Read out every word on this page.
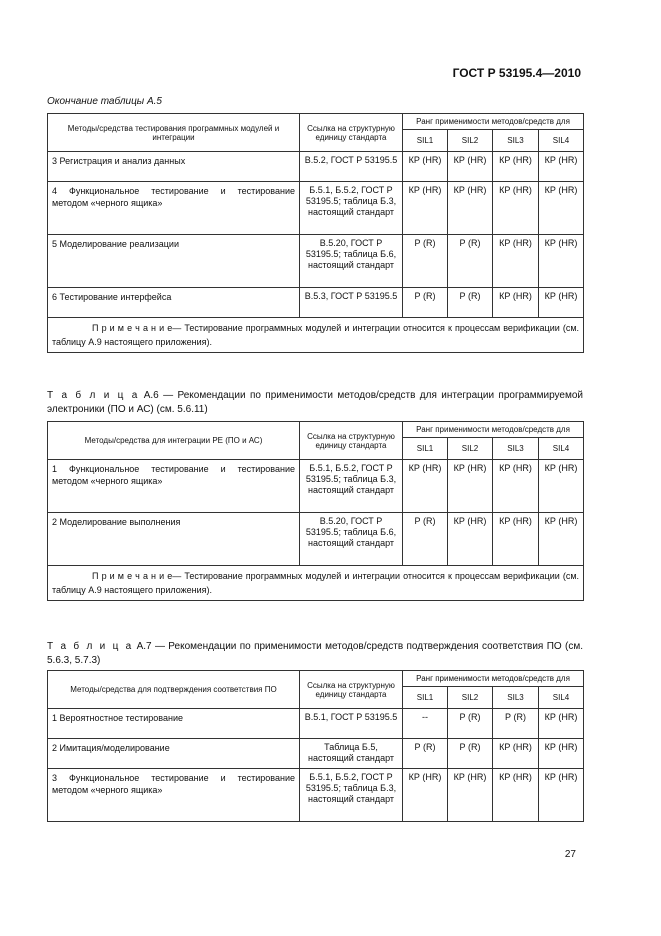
ГОСТ Р 53195.4—2010
Окончание таблицы А.5
Методы/средства тестирования программных модулей и интеграции	Ссылка на структурную единицу стандарта	Ранг применимости методов/средств для			
		SIL1	SIL2	SIL3	SIL4
3 Регистрация и анализ данных	В.5.2, ГОСТ Р 53195.5	КР (HR)	КР (HR)	КР (HR)	КР (HR)
4 Функциональное тестирование и тестирование методом «черного ящика»	Б.5.1, Б.5.2, ГОСТ Р 53195.5; таблица Б.3, настоящий стандарт	КР (HR)	КР (HR)	КР (HR)	КР (HR)
5 Моделирование реализации	В.5.20, ГОСТ Р 53195.5; таблица Б.6, настоящий стандарт	Р (R)	Р (R)	КР (HR)	КР (HR)
6 Тестирование интерфейса	В.5.3, ГОСТ Р 53195.5	Р (R)	Р (R)	КР (HR)	КР (HR)
П р и м е ч а н и е— Тестирование программных модулей и интеграции относится к процессам верификации (см. таблицу А.9 настоящего приложения).					
Т а б л и ц а А.6 — Рекомендации по применимости методов/средств для интеграции программируемой электроники (ПО и АС) (см. 5.6.11)
Методы/средства для интеграции РЕ (ПО и АС)	Ссылка на структурную единицу стандарта	Ранг применимости методов/средств для			
		SIL1	SIL2	SIL3	SIL4
1 Функциональное тестирование и тестирование методом «черного ящика»	Б.5.1, Б.5.2, ГОСТ Р 53195.5; таблица Б.3, настоящий стандарт	КР (HR)	КР (HR)	КР (HR)	КР (HR)
2 Моделирование выполнения	В.5.20, ГОСТ Р 53195.5; таблица Б.6, настоящий стандарт	Р (R)	КР (HR)	КР (HR)	КР (HR)
П р и м е ч а н и е— Тестирование программных модулей и интеграции относится к процессам верификации (см. таблицу А.9 настоящего приложения).					
Т а б л и ц а А.7 — Рекомендации по применимости методов/средств подтверждения соответствия ПО (см. 5.6.3, 5.7.3)
Методы/средства для подтверждения соответствия ПО	Ссылка на структурную единицу стандарта	Ранг применимости методов/средств для			
		SIL1	SIL2	SIL3	SIL4
1 Вероятностное тестирование	В.5.1, ГОСТ Р 53195.5	--	Р (R)	Р (R)	КР (HR)
2 Имитация/моделирование	Таблица Б.5, настоящий стандарт	Р (R)	Р (R)	КР (HR)	КР (HR)
3 Функциональное тестирование и тестирование методом «черного ящика»	Б.5.1, Б.5.2, ГОСТ Р 53195.5; таблица Б.3, настоящий стандарт	КР (HR)	КР (HR)	КР (HR)	КР (HR)
27
